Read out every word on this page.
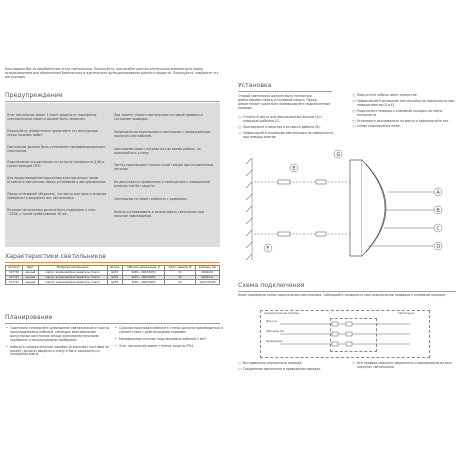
Благодарим Вас за приобретение этого светильника. Пожалуйста, прочитайте данную инструкцию внимательно перед использованием для обеспечения безопасного и длительного функционирования данного продукта. Пожалуйста, сохраните эту инструкцию.
Предупреждение
Этот светильник имеет 1 класс защиты от поражения электрическим током и должен быть заземлен.
Пожалуйста, внимательно прочитайте эту инструкцию перед началом работ.
Светильник должен быть установлен квалифицированным электриком.
Подключение осуществляется согласно полярности (L/N) и существующим ПУЭ.
Для предотвращения поражения электрическим током отключите светильник перед установкой и обслуживанием.
Перед установкой убедитесь, что место монтажа и опорная поверхность выдержат вес светильника.
Питание светильника должно быть подведено к сети ~230В, с током срабатывания 30 мА.
При замене старого светильника на новый проверьте состояние проводки.
Запрещено эксплуатировать светильник с поврежденным корпусом или кабелем.
Светильник может нагреваться во время работы, не прикасайтесь к нему.
Чистку производите только сухой тканью при отключенном питании.
Не допускается применение в помещениях с повышенной влажностью без защиты.
Светильник не может работать с диммером.
Нельзя устанавливать и использовать светильник при наличии повреждений.
Характеристики светильников
Артикул	Цвет	Материал светильника	Цоколь	Рабочее напряжение, В	Класс защиты IP	Размеры, мм
317730	черный	корпус алюминий/рассеиватель стекло	GX53	220V~ 240V/50Hz	54	Ø160x31
317731	черный	корпус алюминий/рассеиватель стекло	GX53	220V~ 240V/50Hz	54	Ø160x31
317732	черный	корпус алюминий/рассеиватель стекло	GX53	220V~ 240V/50Hz	54	125x155x85
Планирование
• Тщательно планируйте размещение светильников и трассы прокладываемых кабелей, соблюдая максимальные допустимые расстояния между распределительными коробками и используемыми приборами.
• Кабели в соединительные коробки (в комплект поставки не входят) должны вводиться снизу и быть защищены от попадания влаги.
• Скрытая прокладка кабелей в стенах должна производиться в соответствии с действующими нормами.
• Минимальное сечение подключаемых кабелей 1 мм².
• Этот светильник имеет степень защиты IP54.
Установка
Старый светильник должен быть полностью демонтирован перед установкой нового. Перед демонтажем тщательно промаркируйте подключенные провода.
□ Отметьте места для фиксационных винтов (А) с помощью шаблона (С).
□ Просверлите отверстия и вставьте дюбели (B).
□ Зафиксируйте основание светильника на поверхности при помощи винтов.
□ Пропустите кабель через отверстие.
□ Зафиксируйте основание светильника на поверхности при помощи винтов (D и E).
□ Подключите провода к клеммной колодке согласно полярности.
□ Установите рассеиватель на место и зафиксируйте его.
□ Схема подключения ниже.
G
E
F
A
B
C
D
Схема подключения
Ниже приведена схема подключения светильника. Соблюдайте полярность при подключении проводов к клеммной колодке.
Соединительная коробка
Фаза (L)
Нейтраль (N)
Заземление
Светильник
□ Вы правильно определили провода.
□ Соединение выполнено в правильном порядке.
□ Все провода надежно закреплены и изолированы во всех корпусах светильника.
